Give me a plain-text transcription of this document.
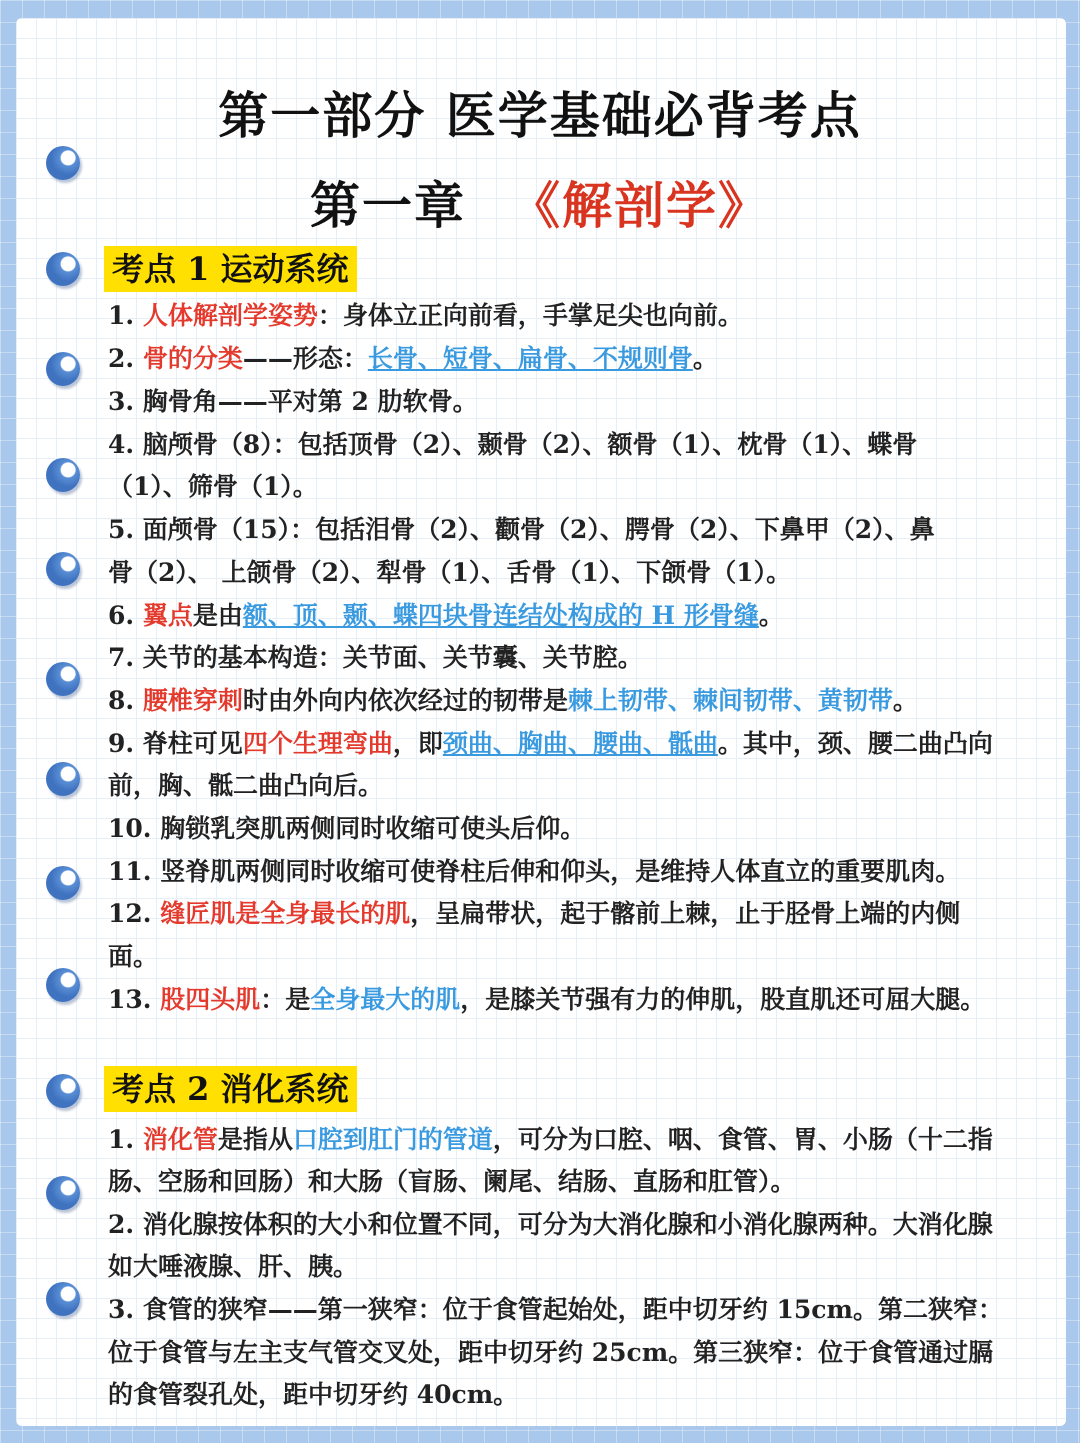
第一部分 医学基础必背考点
第一章 《解剖学》
考点 1 运动系统
1. 人体解剖学姿势：身体立正向前看，手掌足尖也向前。
2. 骨的分类——形态：长骨、短骨、扁骨、不规则骨。
3. 胸骨角——平对第 2 肋软骨。
4. 脑颅骨（8）：包括顶骨（2）、颞骨（2）、额骨（1）、枕骨（1）、蝶骨
（1）、筛骨（1）。
5. 面颅骨（15）：包括泪骨（2）、颧骨（2）、腭骨（2）、下鼻甲（2）、鼻
骨（2）、 上颌骨（2）、犁骨（1）、舌骨（1）、下颌骨（1）。
6. 翼点是由额、顶、颞、蝶四块骨连结处构成的 H 形骨缝。
7. 关节的基本构造：关节面、关节囊、关节腔。
8. 腰椎穿刺时由外向内依次经过的韧带是棘上韧带、棘间韧带、黄韧带。
9. 脊柱可见四个生理弯曲，即颈曲、胸曲、腰曲、骶曲。其中，颈、腰二曲凸向
前，胸、骶二曲凸向后。
10. 胸锁乳突肌两侧同时收缩可使头后仰。
11. 竖脊肌两侧同时收缩可使脊柱后伸和仰头，是维持人体直立的重要肌肉。
12. 缝匠肌是全身最长的肌，呈扁带状，起于髂前上棘，止于胫骨上端的内侧
面。
13. 股四头肌：是全身最大的肌，是膝关节强有力的伸肌，股直肌还可屈大腿。
考点 2 消化系统
1. 消化管是指从口腔到肛门的管道，可分为口腔、咽、食管、胃、小肠（十二指
肠、空肠和回肠）和大肠（盲肠、阑尾、结肠、直肠和肛管）。
2. 消化腺按体积的大小和位置不同，可分为大消化腺和小消化腺两种。大消化腺
如大唾液腺、肝、胰。
3. 食管的狭窄——第一狭窄：位于食管起始处，距中切牙约 15cm。第二狭窄：
位于食管与左主支气管交叉处，距中切牙约 25cm。第三狭窄：位于食管通过膈
的食管裂孔处，距中切牙约 40cm。
